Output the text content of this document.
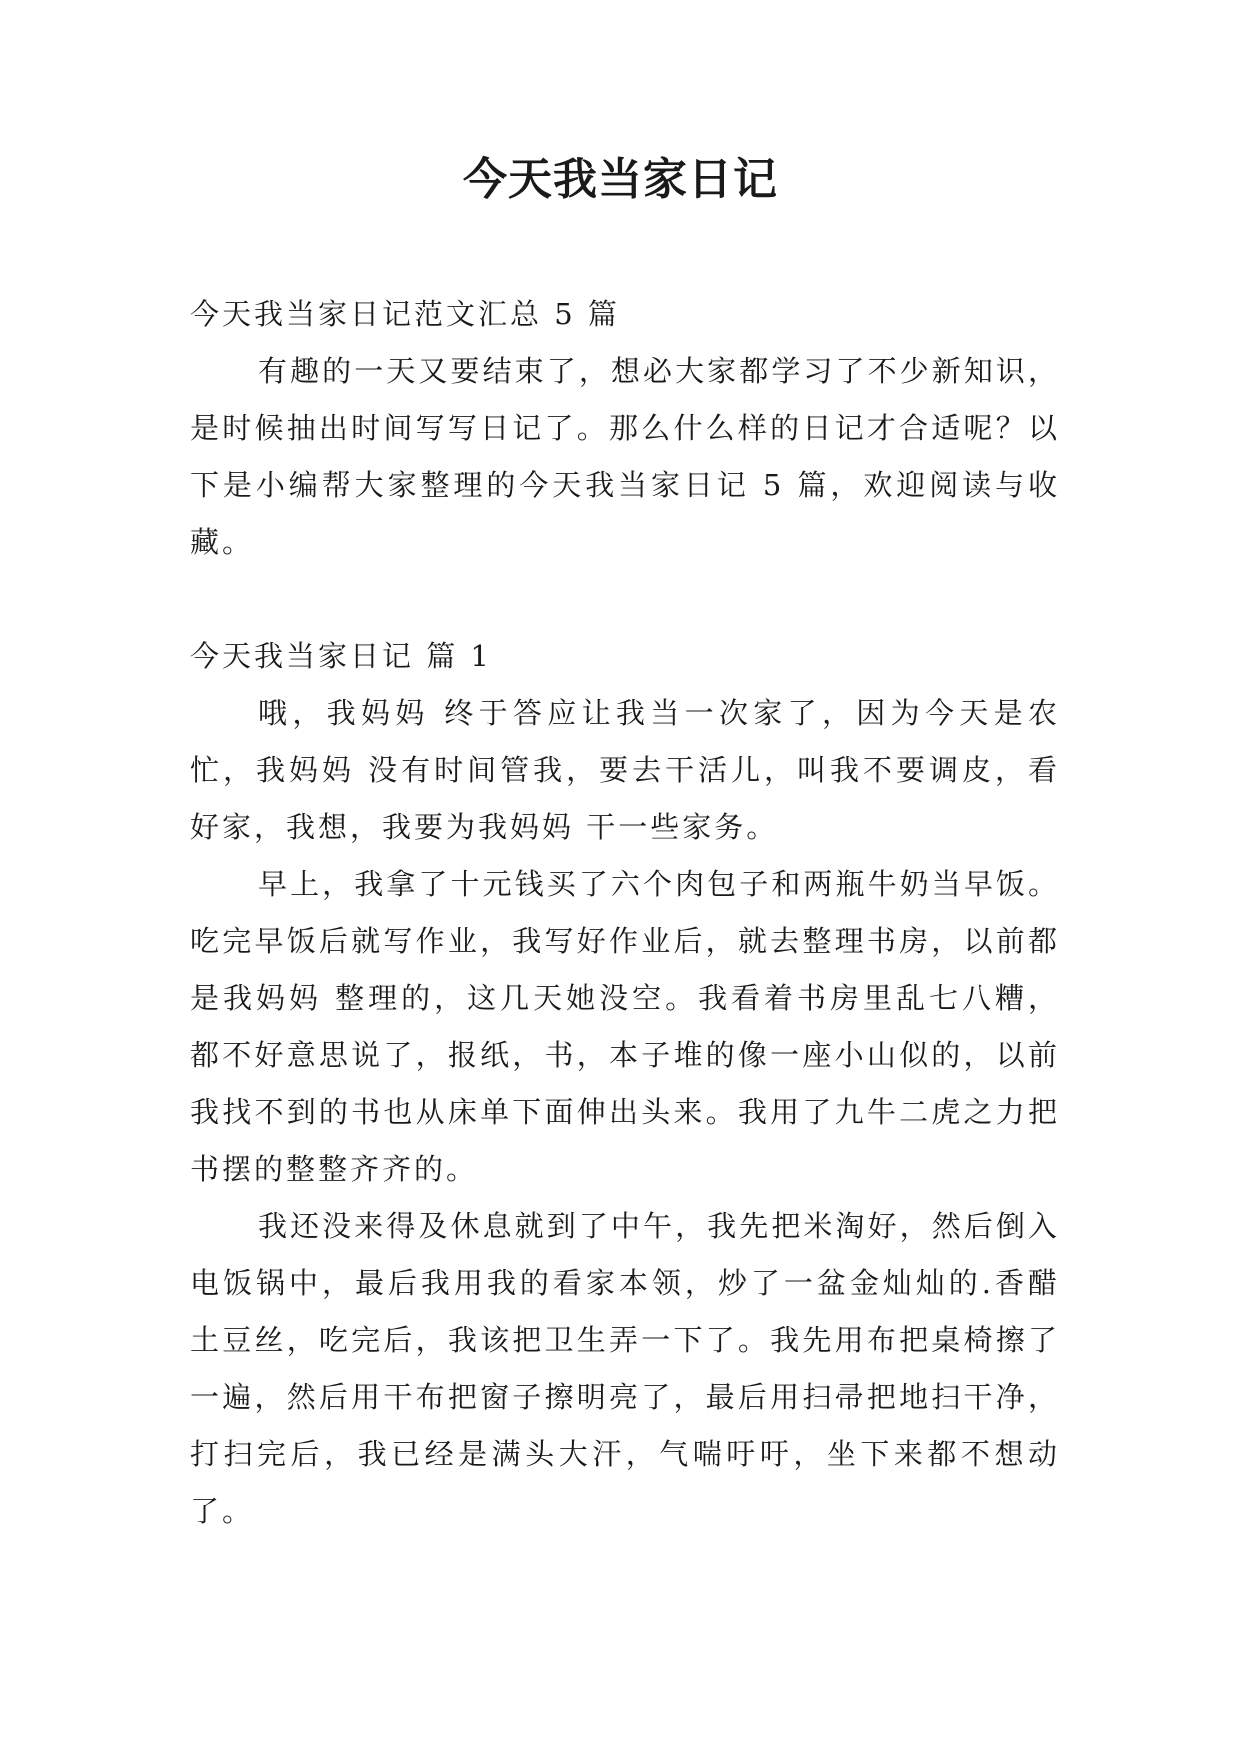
今天我当家日记

今天我当家日记范文汇总 5 篇

有趣的一天又要结束了，想必大家都学习了不少新知识，是时候抽出时间写写日记了。那么什么样的日记才合适呢？以下是小编帮大家整理的今天我当家日记 5 篇，欢迎阅读与收藏。

今天我当家日记 篇 1

哦，我妈妈 终于答应让我当一次家了，因为今天是农忙，我妈妈 没有时间管我，要去干活儿，叫我不要调皮，看好家，我想，我要为我妈妈 干一些家务。

早上，我拿了十元钱买了六个肉包子和两瓶牛奶当早饭。吃完早饭后就写作业，我写好作业后，就去整理书房，以前都是我妈妈 整理的，这几天她没空。我看着书房里乱七八糟，都不好意思说了，报纸，书，本子堆的像一座小山似的，以前我找不到的书也从床单下面伸出头来。我用了九牛二虎之力把书摆的整整齐齐的。

我还没来得及休息就到了中午，我先把米淘好，然后倒入电饭锅中，最后我用我的看家本领，炒了一盆金灿灿的.香醋土豆丝，吃完后，我该把卫生弄一下了。我先用布把桌椅擦了一遍，然后用干布把窗子擦明亮了，最后用扫帚把地扫干净，打扫完后，我已经是满头大汗，气喘吁吁，坐下来都不想动了。
